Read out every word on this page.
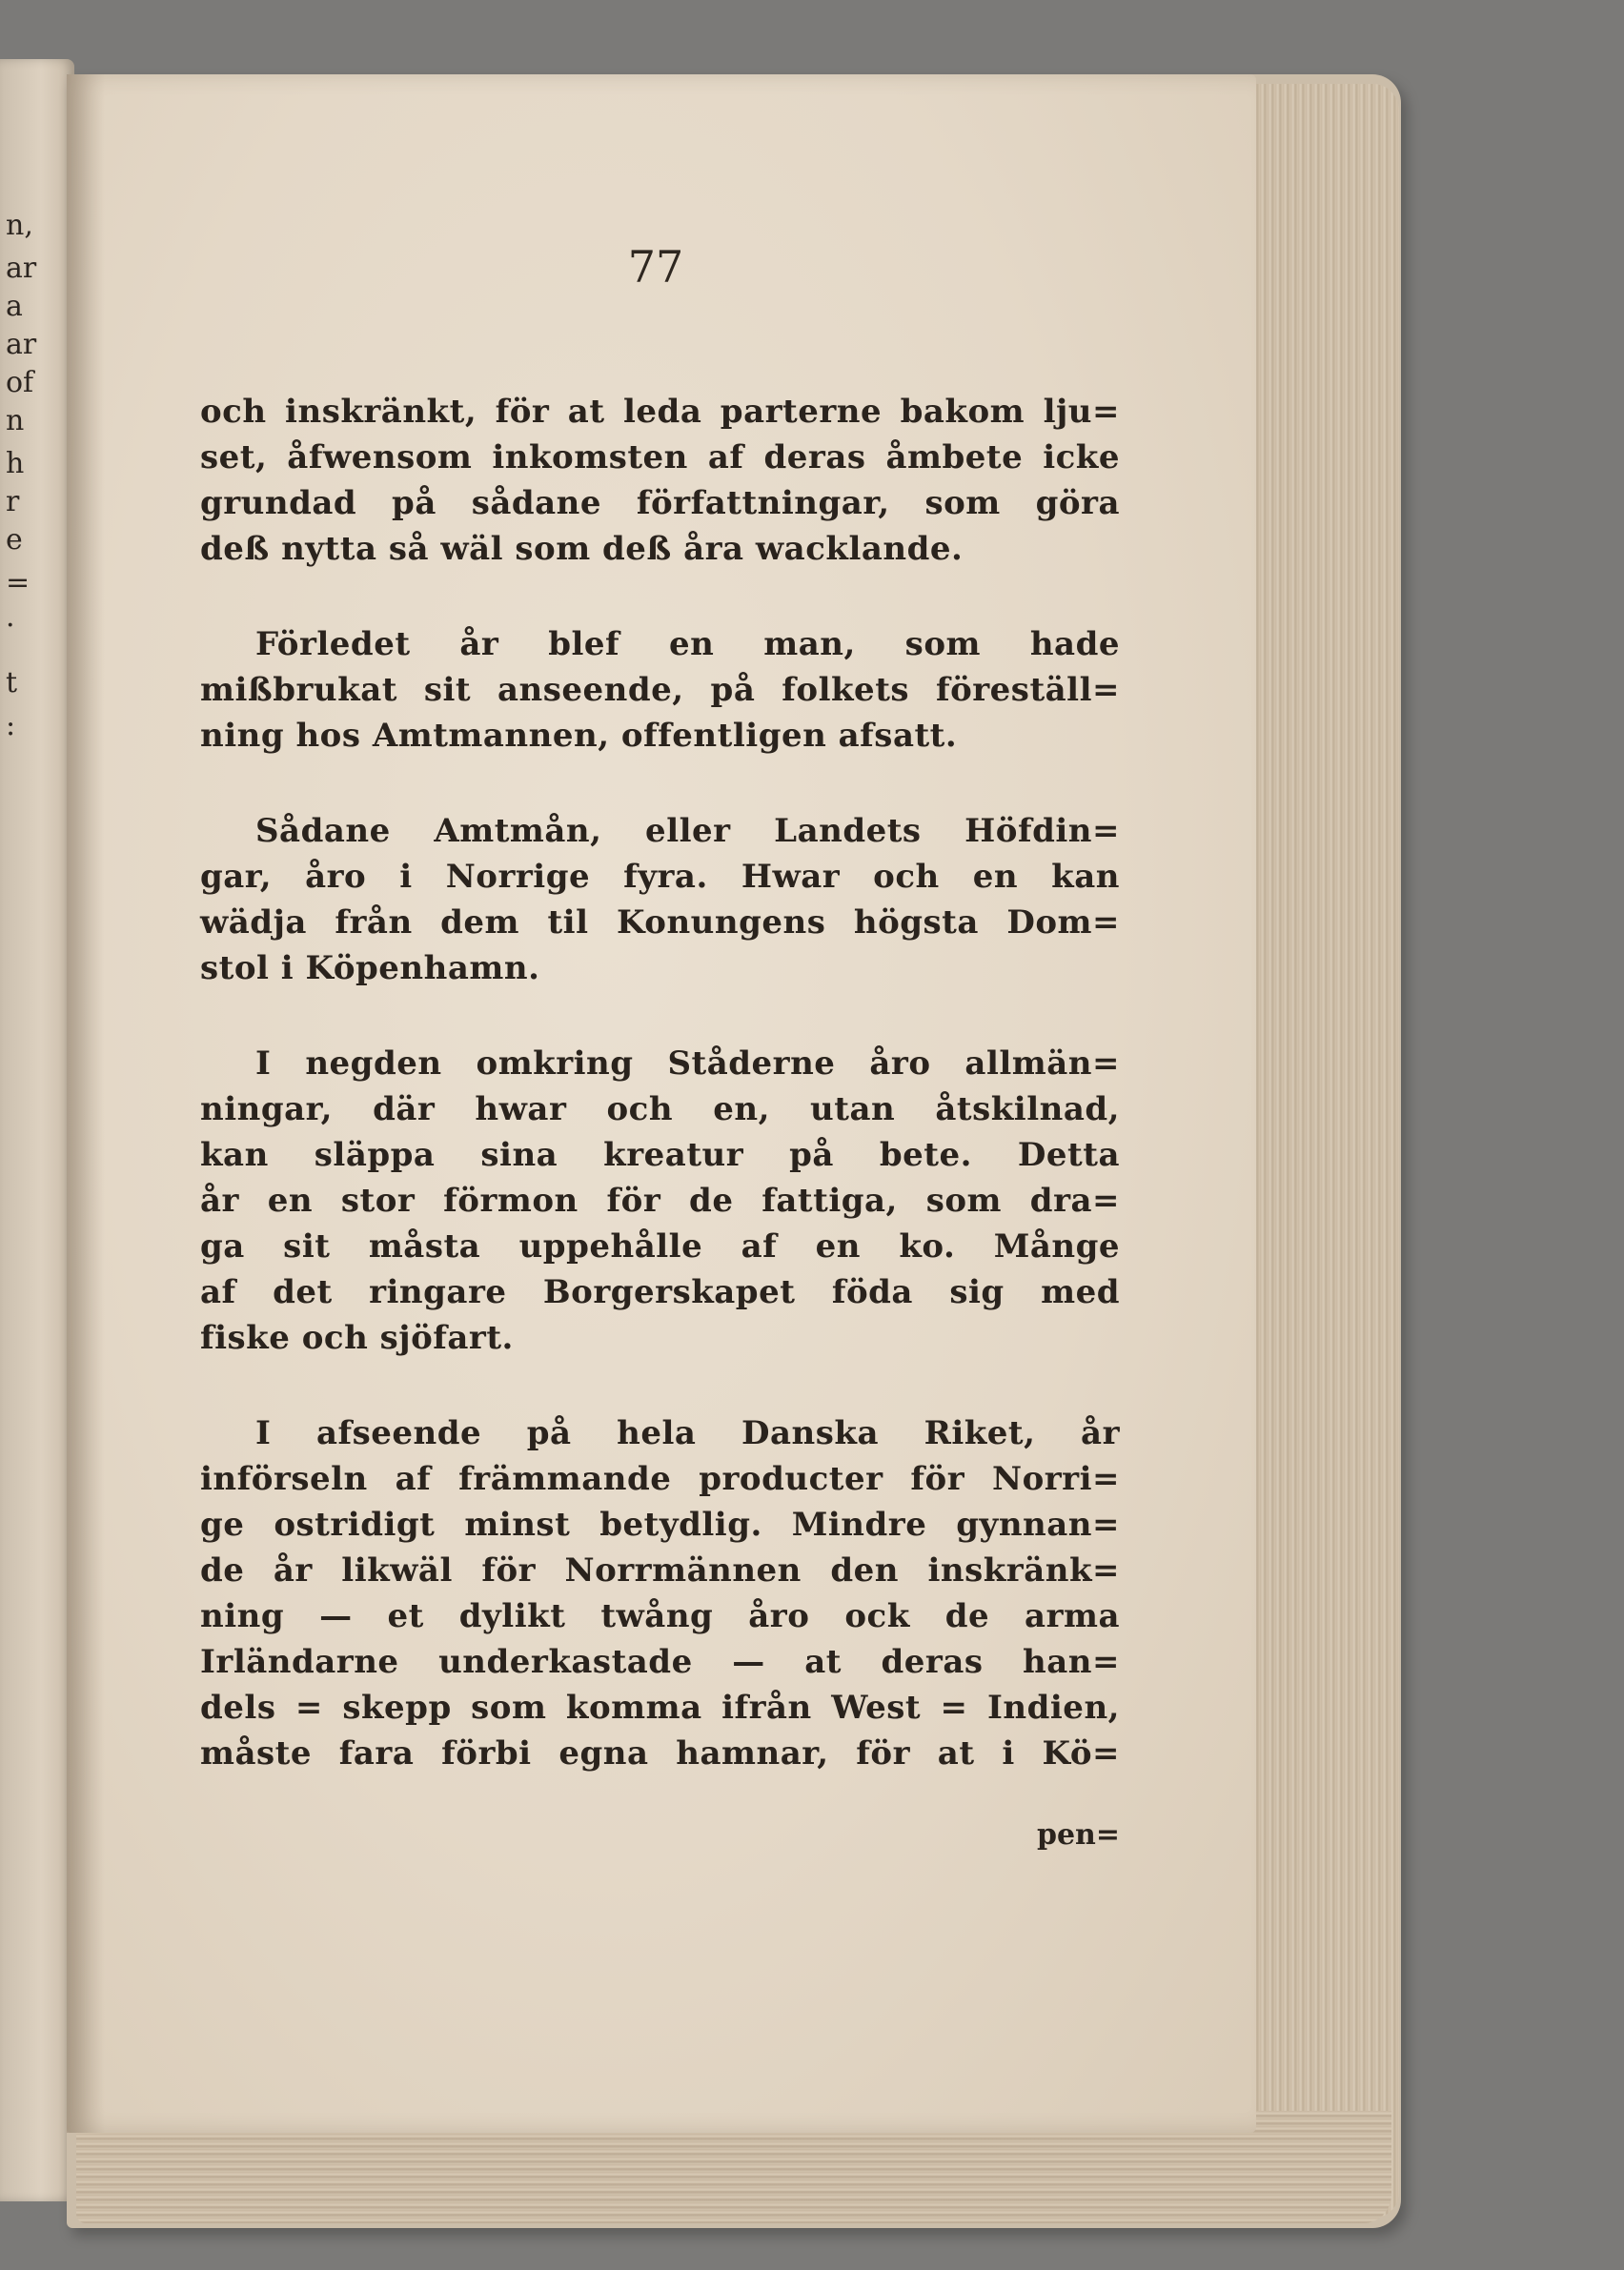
n,
ar
a
ar
of
n
h
r
e
=
·
t
:
77
och inskränkt, för at leda parterne bakom lju=
set, åfwensom inkomsten af deras åmbete icke
grundad på sådane författningar, som göra
deß nytta så wäl som deß åra wacklande.
Förledet år blef en man, som hade
mißbrukat sit anseende, på folkets föreställ=
ning hos Amtmannen, offentligen afsatt.
Sådane Amtmån, eller Landets Höfdin=
gar, åro i Norrige fyra. Hwar och en kan
wädja från dem til Konungens högsta Dom=
stol i Köpenhamn.
I negden omkring Ståderne åro allmän=
ningar, där hwar och en, utan åtskilnad,
kan släppa sina kreatur på bete. Detta
år en stor förmon för de fattiga, som dra=
ga sit måsta uppehålle af en ko. Månge
af det ringare Borgerskapet föda sig med
fiske och sjöfart.
I afseende på hela Danska Riket, år
införseln af främmande producter för Norri=
ge ostridigt minst betydlig. Mindre gynnan=
de år likwäl för Norrmännen den inskränk=
ning — et dylikt twång åro ock de arma
Irländarne underkastade — at deras han=
dels = skepp som komma ifrån West = Indien,
måste fara förbi egna hamnar, för at i Kö=
pen=
